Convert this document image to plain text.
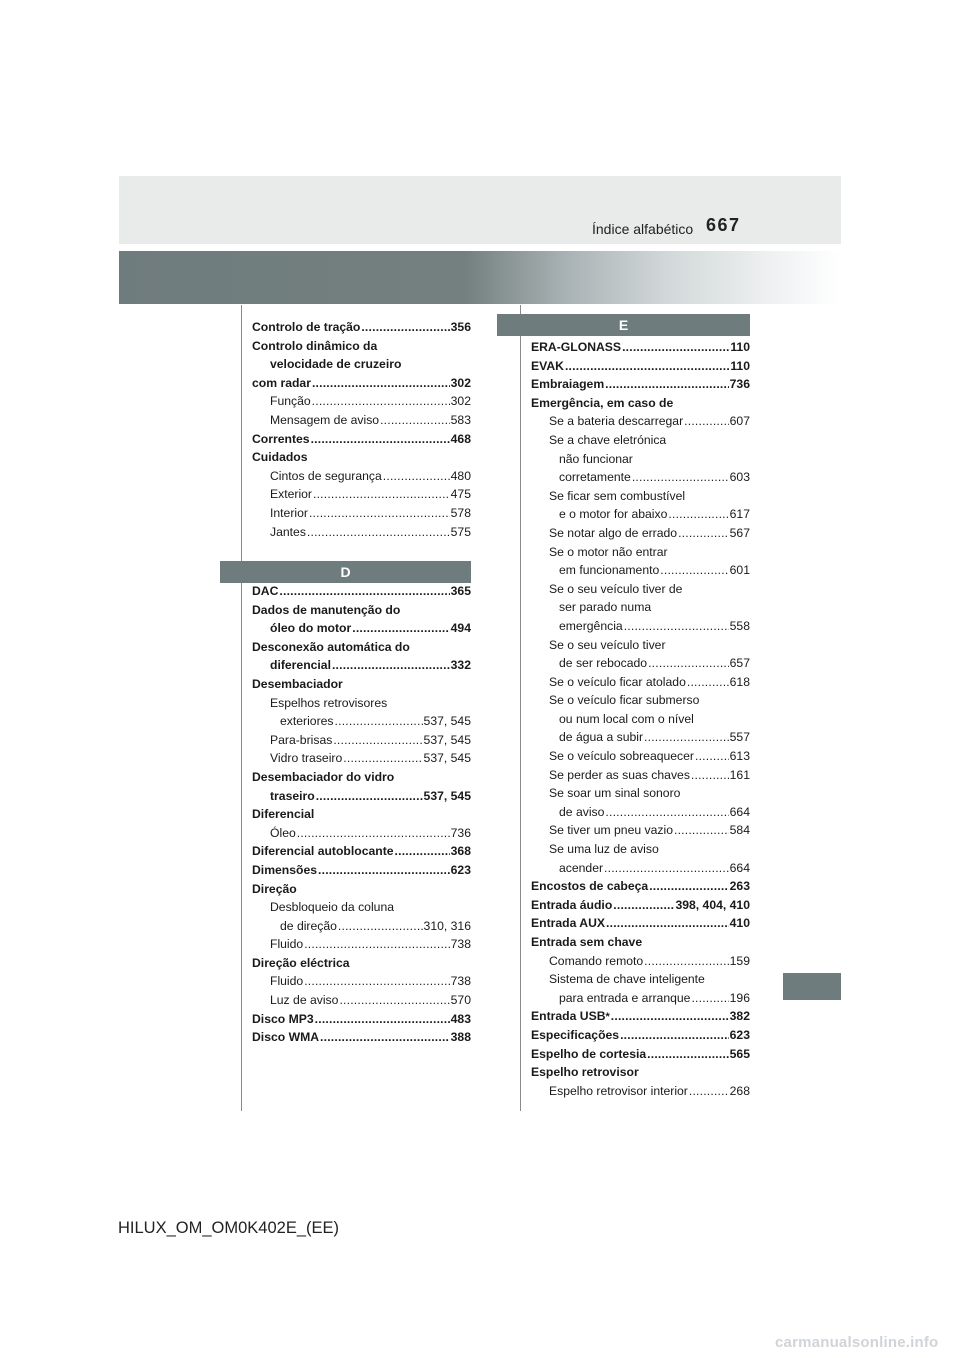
Índice alfabético 667
Controlo de tração .....	356
Controlo dinâmico da
velocidade de cruzeiro
com radar .....	302
Função .....	302
Mensagem de aviso .....	583
Correntes .....	468
Cuidados
Cintos de segurança .....	480
Exterior .....	475
Interior .....	578
Jantes .....	575
D
DAC .....	365
Dados de manutenção do
óleo do motor .....	494
Desconexão automática do
diferencial .....	332
Desembaciador
Espelhos retrovisores
exteriores .....	537, 545
Para-brisas .....	537, 545
Vidro traseiro .....	537, 545
Desembaciador do vidro
traseiro .....	537, 545
Diferencial
Óleo .....	736
Diferencial autoblocante .....	368
Dimensões .....	623
Direção
Desbloqueio da coluna
de direção .....	310, 316
Fluido .....	738
Direção eléctrica
Fluido .....	738
Luz de aviso .....	570
Disco MP3 .....	483
Disco WMA .....	388
E
ERA-GLONASS .....	110
EVAK .....	110
Embraiagem .....	736
Emergência, em caso de
Se a bateria descarregar .....	607
Se a chave eletrónica
não funcionar
corretamente .....	603
Se ficar sem combustível
e o motor for abaixo .....	617
Se notar algo de errado .....	567
Se o motor não entrar
em funcionamento .....	601
Se o seu veículo tiver de
ser parado numa
emergência .....	558
Se o seu veículo tiver
de ser rebocado .....	657
Se o veículo ficar atolado .....	618
Se o veículo ficar submerso
ou num local com o nível
de água a subir .....	557
Se o veículo sobreaquecer .....	613
Se perder as suas chaves .....	161
Se soar um sinal sonoro
de aviso .....	664
Se tiver um pneu vazio .....	584
Se uma luz de aviso
acender .....	664
Encostos de cabeça .....	263
Entrada áudio .....	398, 404, 410
Entrada AUX .....	410
Entrada sem chave
Comando remoto .....	159
Sistema de chave inteligente
para entrada e arranque .....	196
Entrada USB * .....	382
Especificações .....	623
Espelho de cortesia .....	565
Espelho retrovisor
Espelho retrovisor interior .....	268
HILUX_OM_OM0K402E_(EE)
carmanualsonline.info
